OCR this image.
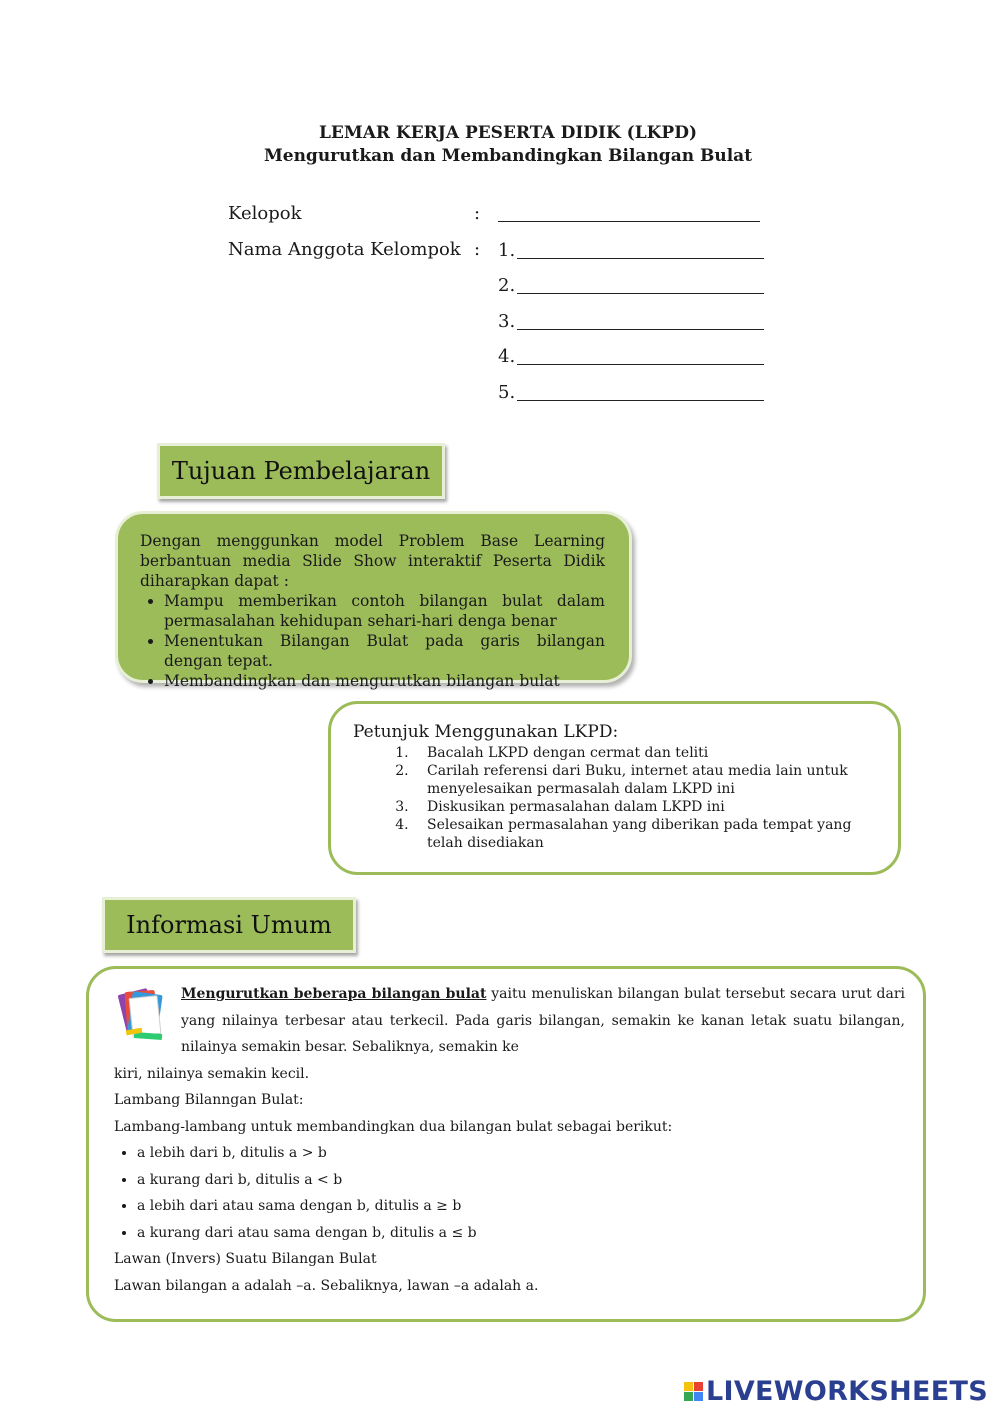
LEMAR KERJA PESERTA DIDIK (LKPD)
Mengurutkan dan Membandingkan Bilangan Bulat
Kelopok	:
Nama Anggota Kelompok : 1.
2.
3.
4.
5.
Tujuan Pembelajaran

Dengan menggunkan model Problem Base Learning berbantuan media Slide Show interaktif Peserta Didik diharapkan dapat :

• Mampu memberikan contoh bilangan bulat dalam permasalahan kehidupan sehari-hari denga benar
• Menentukan Bilangan Bulat pada garis bilangan dengan tepat.
• Membandingkan dan mengurutkan bilangan bulat
Petunjuk Menggunakan LKPD:
1. Bacalah LKPD dengan cermat dan teliti
2. Carilah referensi dari Buku, internet atau media lain untuk menyelesaikan permasalah dalam LKPD ini
3. Diskusikan permasalahan dalam LKPD ini
4. Selesaikan permasalahan yang diberikan pada tempat yang telah disediakan
Informasi Umum

Mengurutkan beberapa bilangan bulat yaitu menuliskan bilangan bulat tersebut secara urut dari yang nilainya terbesar atau terkecil. Pada garis bilangan, semakin ke kanan letak suatu bilangan, nilainya semakin besar. Sebaliknya, semakin ke

kiri, nilainya semakin kecil.

Lambang Bilanngan Bulat:

Lambang-lambang untuk membandingkan dua bilangan bulat sebagai berikut:

• a lebih dari b, ditulis a > b
• a kurang dari b, ditulis a < b
• a lebih dari atau sama dengan b, ditulis a ≥ b
• a kurang dari atau sama dengan b, ditulis a ≤ b

Lawan (Invers) Suatu Bilangan Bulat

Lawan bilangan a adalah –a. Sebaliknya, lawan –a adalah a.

LIVEWORKSHEETS
